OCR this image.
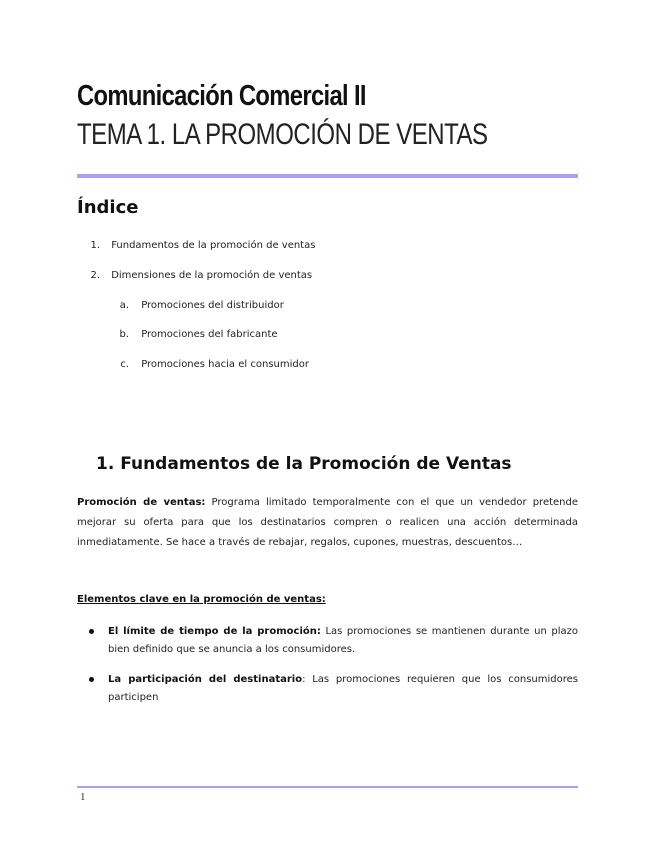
Comunicación Comercial II
TEMA 1. LA PROMOCIÓN DE VENTAS
Índice
1. Fundamentos de la promoción de ventas
2. Dimensiones de la promoción de ventas
a. Promociones del distribuidor
b. Promociones del fabricante
c. Promociones hacia el consumidor
1. Fundamentos de la Promoción de Ventas

Promoción de ventas: Programa limitado temporalmente con el que un vendedor pretende mejorar su oferta para que los destinatarios compren o realicen una acción determinada inmediatamente. Se hace a través de rebajar, regalos, cupones, muestras, descuentos…

Elementos clave en la promoción de ventas:

El límite de tiempo de la promoción: Las promociones se mantienen durante un plazo bien definido que se anuncia a los consumidores.
La participación del destinatario: Las promociones requieren que los consumidores participen
1
